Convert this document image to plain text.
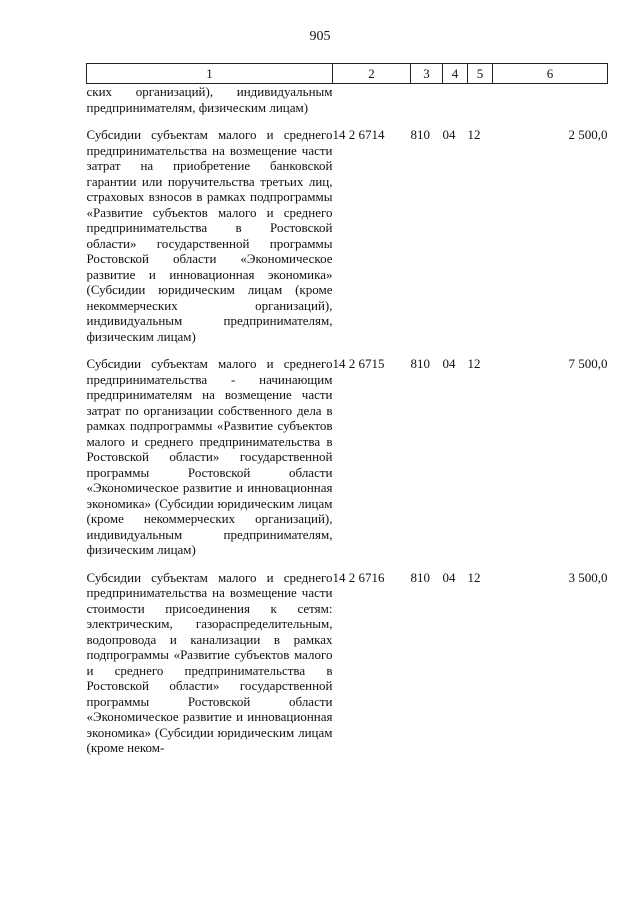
905
1	2	3	4	5	6
ских организаций), индивидуальным предпринимателям, физическим лицам)					

Субсидии субъектам малого и среднего предпринимательства на возмещение части затрат на приобретение банковской гарантии или поручительства третьих лиц, страховых взносов в рамках подпрограммы «Развитие субъектов малого и среднего предпринимательства в Ростовской области» государственной программы Ростовской области «Экономическое развитие и инновационная экономика» (Субсидии юридическим лицам (кроме некоммерческих организаций), индивидуальным предпринимателям, физическим лицам)	14 2 6714	810	04	12	2 500,0

Субсидии субъектам малого и среднего предпринимательства - начинающим предпринимателям на возмещение части затрат по организации собственного дела в рамках подпрограммы «Развитие субъектов малого и среднего предпринимательства в Ростовской области» государственной программы Ростовской области «Экономическое развитие и инновационная экономика» (Субсидии юридическим лицам (кроме некоммерческих организаций), индивидуальным предпринимателям, физическим лицам)	14 2 6715	810	04	12	7 500,0

Субсидии субъектам малого и среднего предпринимательства на возмещение части стоимости присоединения к сетям: электрическим, газораспределительным, водопровода и канализации в рамках подпрограммы «Развитие субъектов малого и среднего предпринимательства в Ростовской области» государственной программы Ростовской области «Экономическое развитие и инновационная экономика» (Субсидии юридическим лицам (кроме неком-	14 2 6716	810	04	12	3 500,0
